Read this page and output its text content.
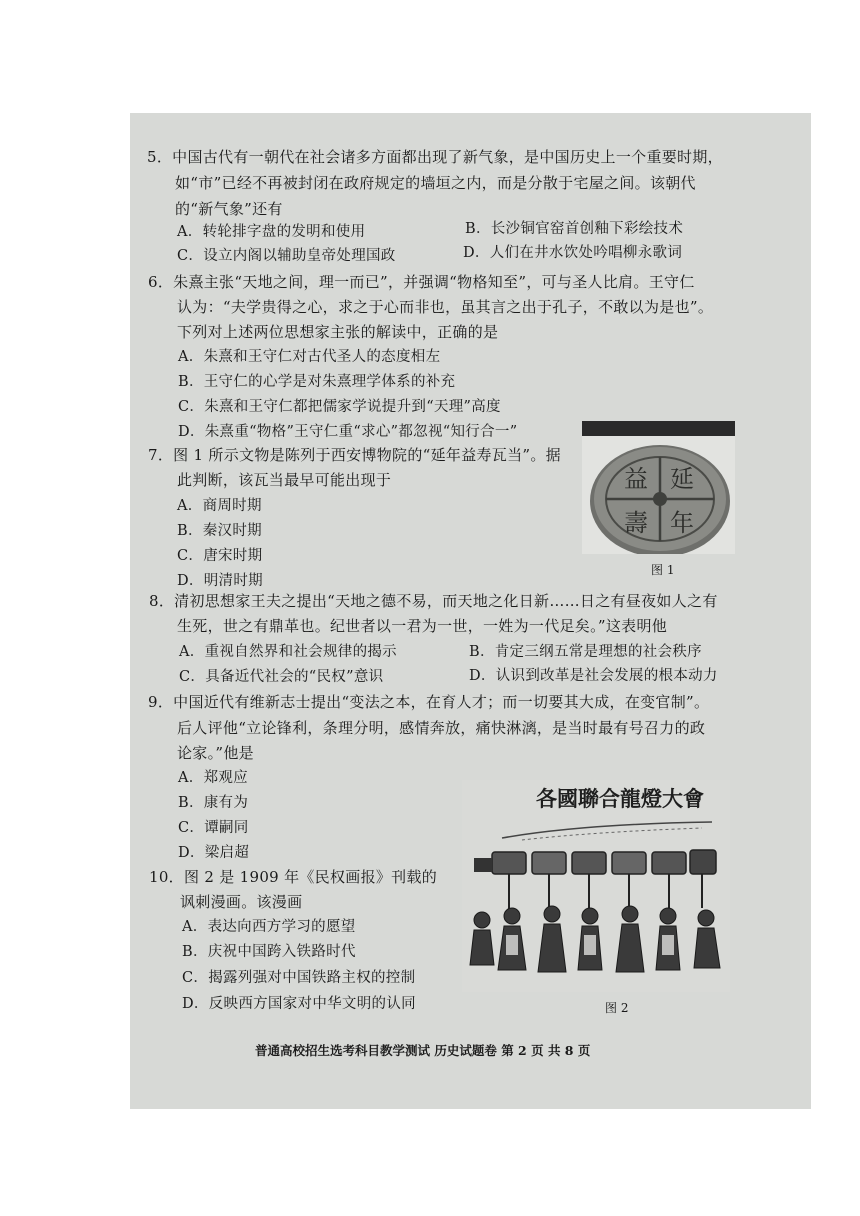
5．中国古代有一朝代在社会诸多方面都出现了新气象，是中国历史上一个重要时期，
如“市”已经不再被封闭在政府规定的墙垣之内，而是分散于宅屋之间。该朝代
的“新气象”还有
A．转轮排字盘的发明和使用	B．长沙铜官窑首创釉下彩绘技术
C．设立内阁以辅助皇帝处理国政	D．人们在井水饮处吟唱柳永歌词
6．朱熹主张“天地之间，理一而已”，并强调“物格知至”，可与圣人比肩。王守仁
认为：“夫学贵得之心，求之于心而非也，虽其言之出于孔子，不敢以为是也”。
下列对上述两位思想家主张的解读中，正确的是
A．朱熹和王守仁对古代圣人的态度相左
B．王守仁的心学是对朱熹理学体系的补充
C．朱熹和王守仁都把儒家学说提升到“天理”高度
D．朱熹重“物格”王守仁重“求心”都忽视“知行合一”
延
年
益
壽
7．图 1 所示文物是陈列于西安博物院的“延年益寿瓦当”。据
此判断，该瓦当最早可能出现于
A．商周时期
B．秦汉时期
C．唐宋时期
D．明清时期
图 1
8．清初思想家王夫之提出“天地之德不易，而天地之化日新……日之有昼夜如人之有
生死，世之有鼎革也。纪世者以一君为一世，一姓为一代足矣。”这表明他
A．重视自然界和社会规律的揭示	B．肯定三纲五常是理想的社会秩序
C．具备近代社会的“民权”意识	D．认识到改革是社会发展的根本动力
9．中国近代有维新志士提出“变法之本，在育人才；而一切要其大成，在变官制”。
后人评他“立论锋利，条理分明，感情奔放，痛快淋漓，是当时最有号召力的政
论家。”他是
A．郑观应
B．康有为
C．谭嗣同
D．梁启超
各國聯合龍燈大會
图 2
10．图 2 是 1909 年《民权画报》刊载的
讽刺漫画。该漫画
A．表达向西方学习的愿望
B．庆祝中国跨入铁路时代
C．揭露列强对中国铁路主权的控制
D．反映西方国家对中华文明的认同
普通高校招生选考科目教学测试 历史试题卷 第 2 页 共 8 页
